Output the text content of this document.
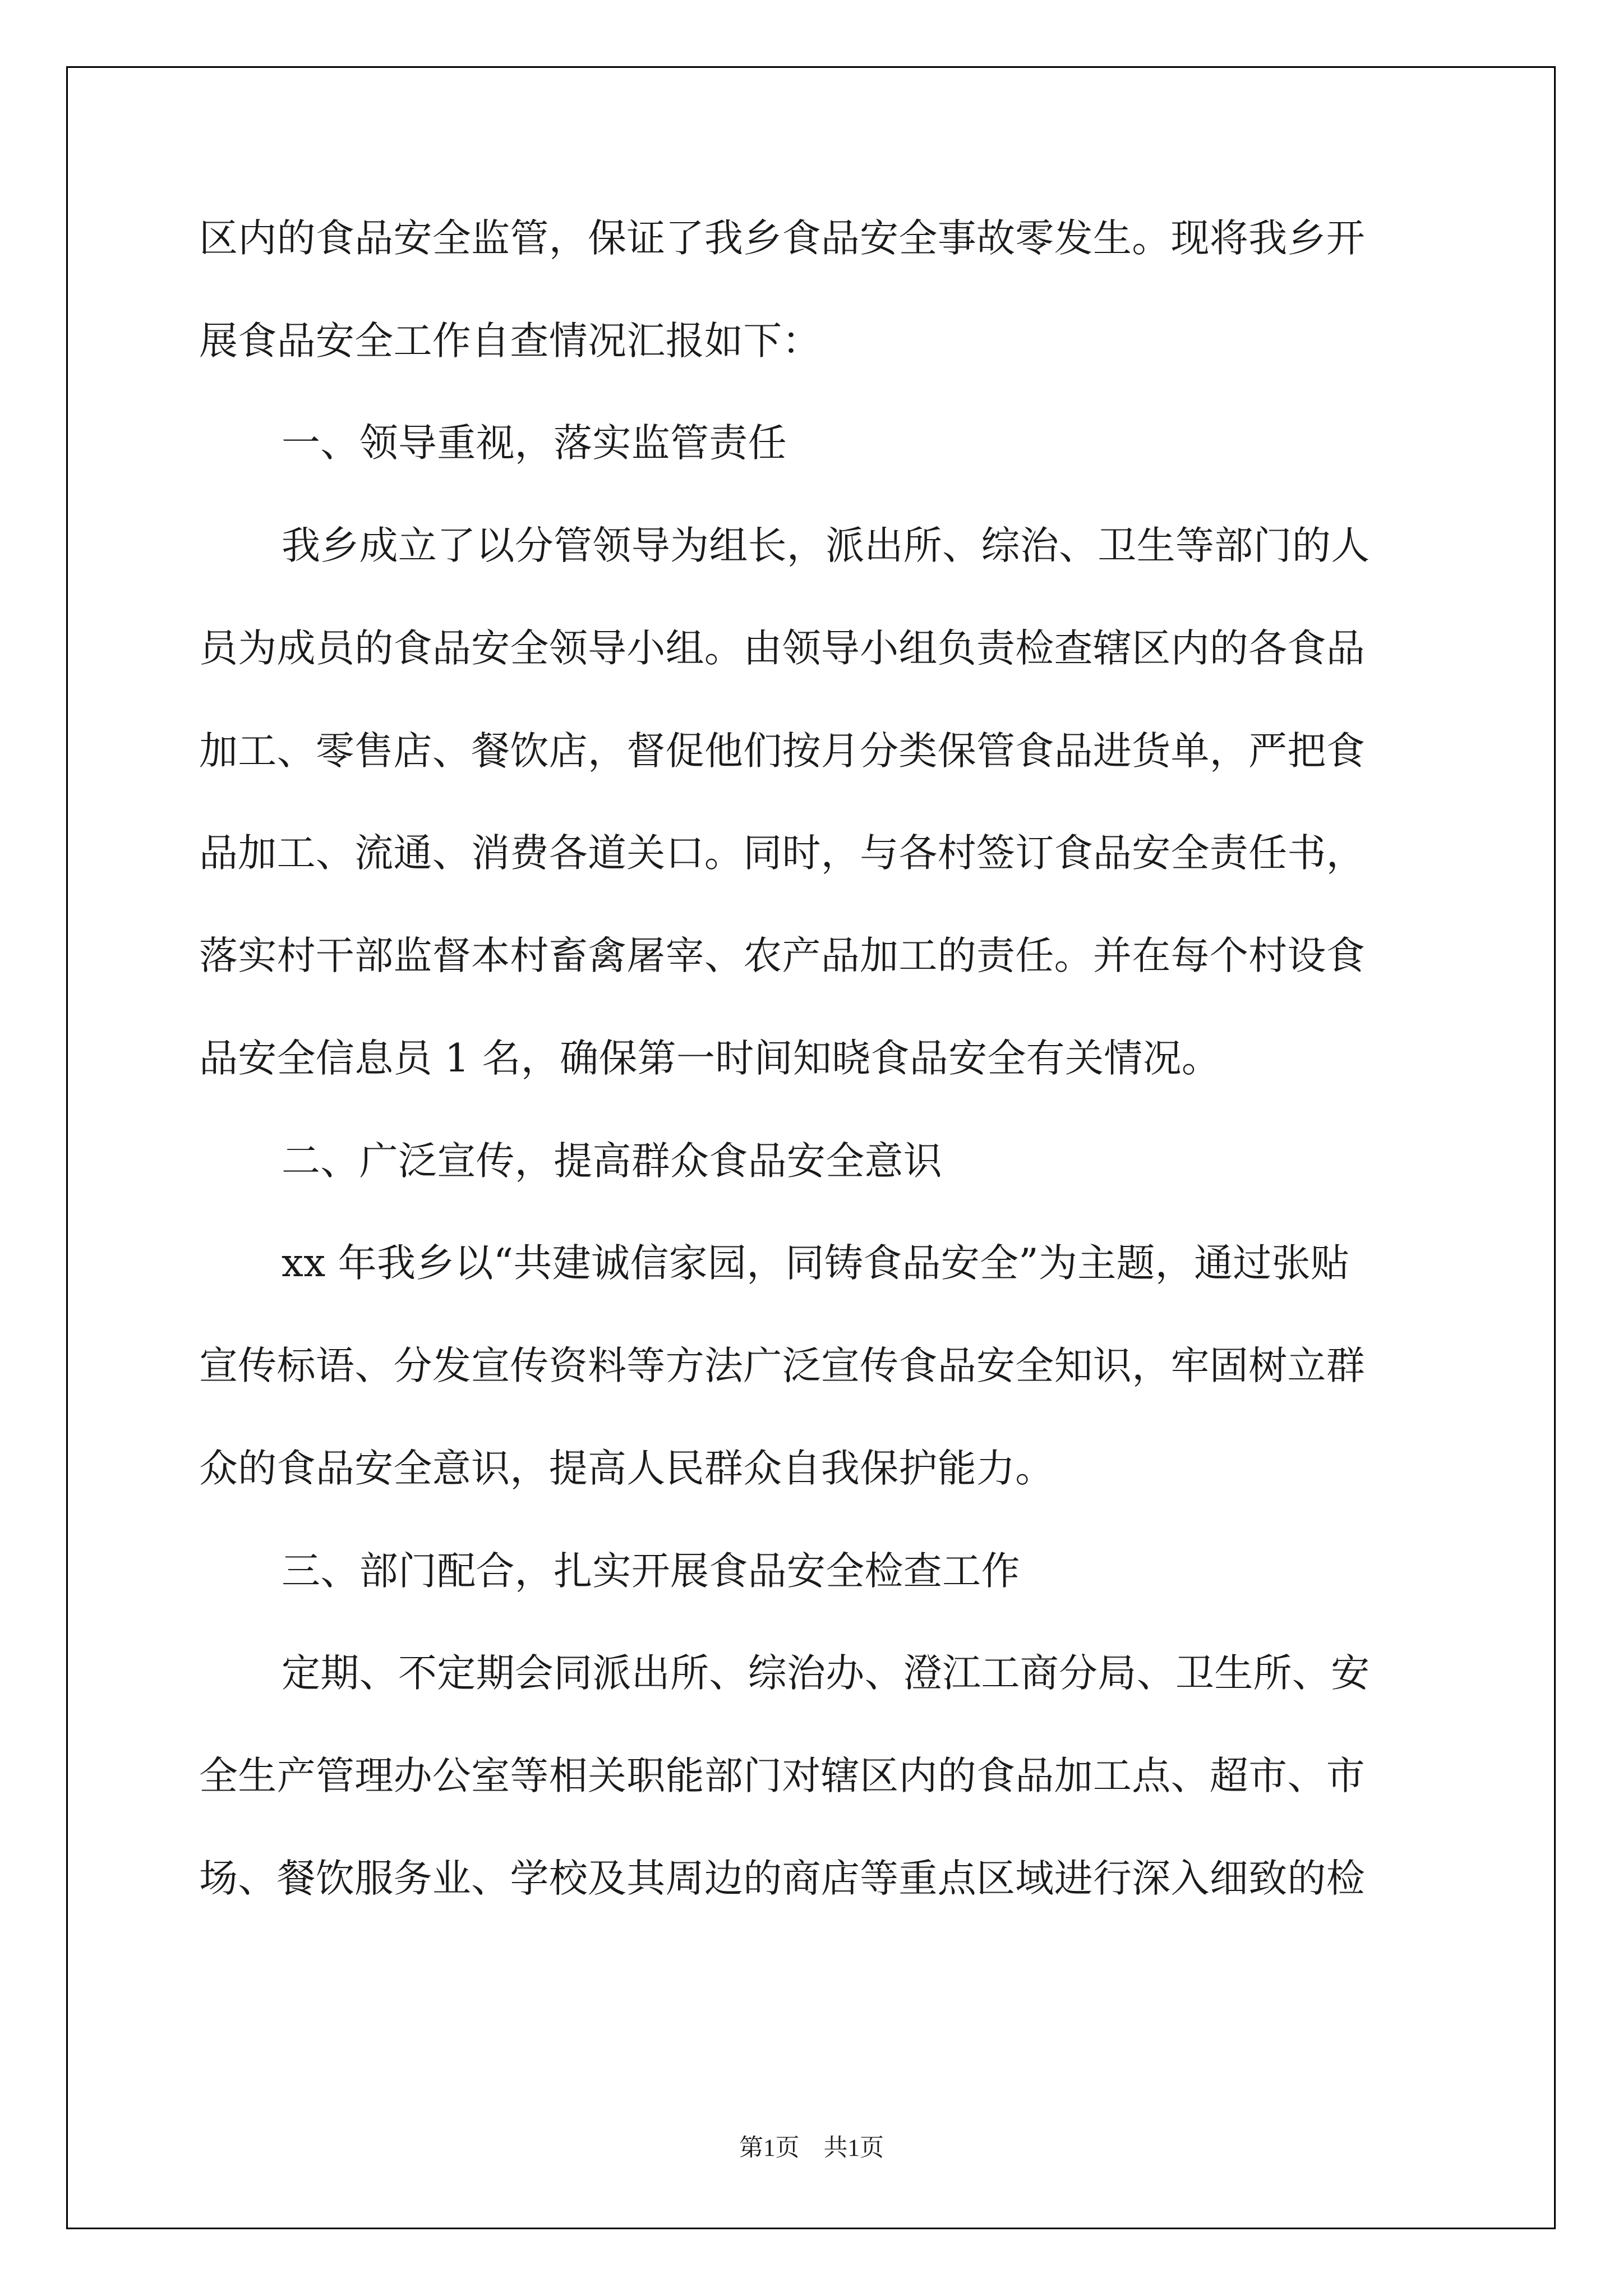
区内的食品安全监管，保证了我乡食品安全事故零发生。现将我乡开
展食品安全工作自查情况汇报如下：
一、领导重视，落实监管责任
我乡成立了以分管领导为组长，派出所、综治、卫生等部门的人
员为成员的食品安全领导小组。由领导小组负责检查辖区内的各食品
加工、零售店、餐饮店，督促他们按月分类保管食品进货单，严把食
品加工、流通、消费各道关口。同时，与各村签订食品安全责任书，
落实村干部监督本村畜禽屠宰、农产品加工的责任。并在每个村设食
品安全信息员 1 名，确保第一时间知晓食品安全有关情况。
二、广泛宣传，提高群众食品安全意识
xx 年我乡以“共建诚信家园，同铸食品安全”为主题，通过张贴
宣传标语、分发宣传资料等方法广泛宣传食品安全知识，牢固树立群
众的食品安全意识，提高人民群众自我保护能力。
三、部门配合，扎实开展食品安全检查工作
定期、不定期会同派出所、综治办、澄江工商分局、卫生所、安
全生产管理办公室等相关职能部门对辖区内的食品加工点、超市、市
场、餐饮服务业、学校及其周边的商店等重点区域进行深入细致的检
第1页　共1页
